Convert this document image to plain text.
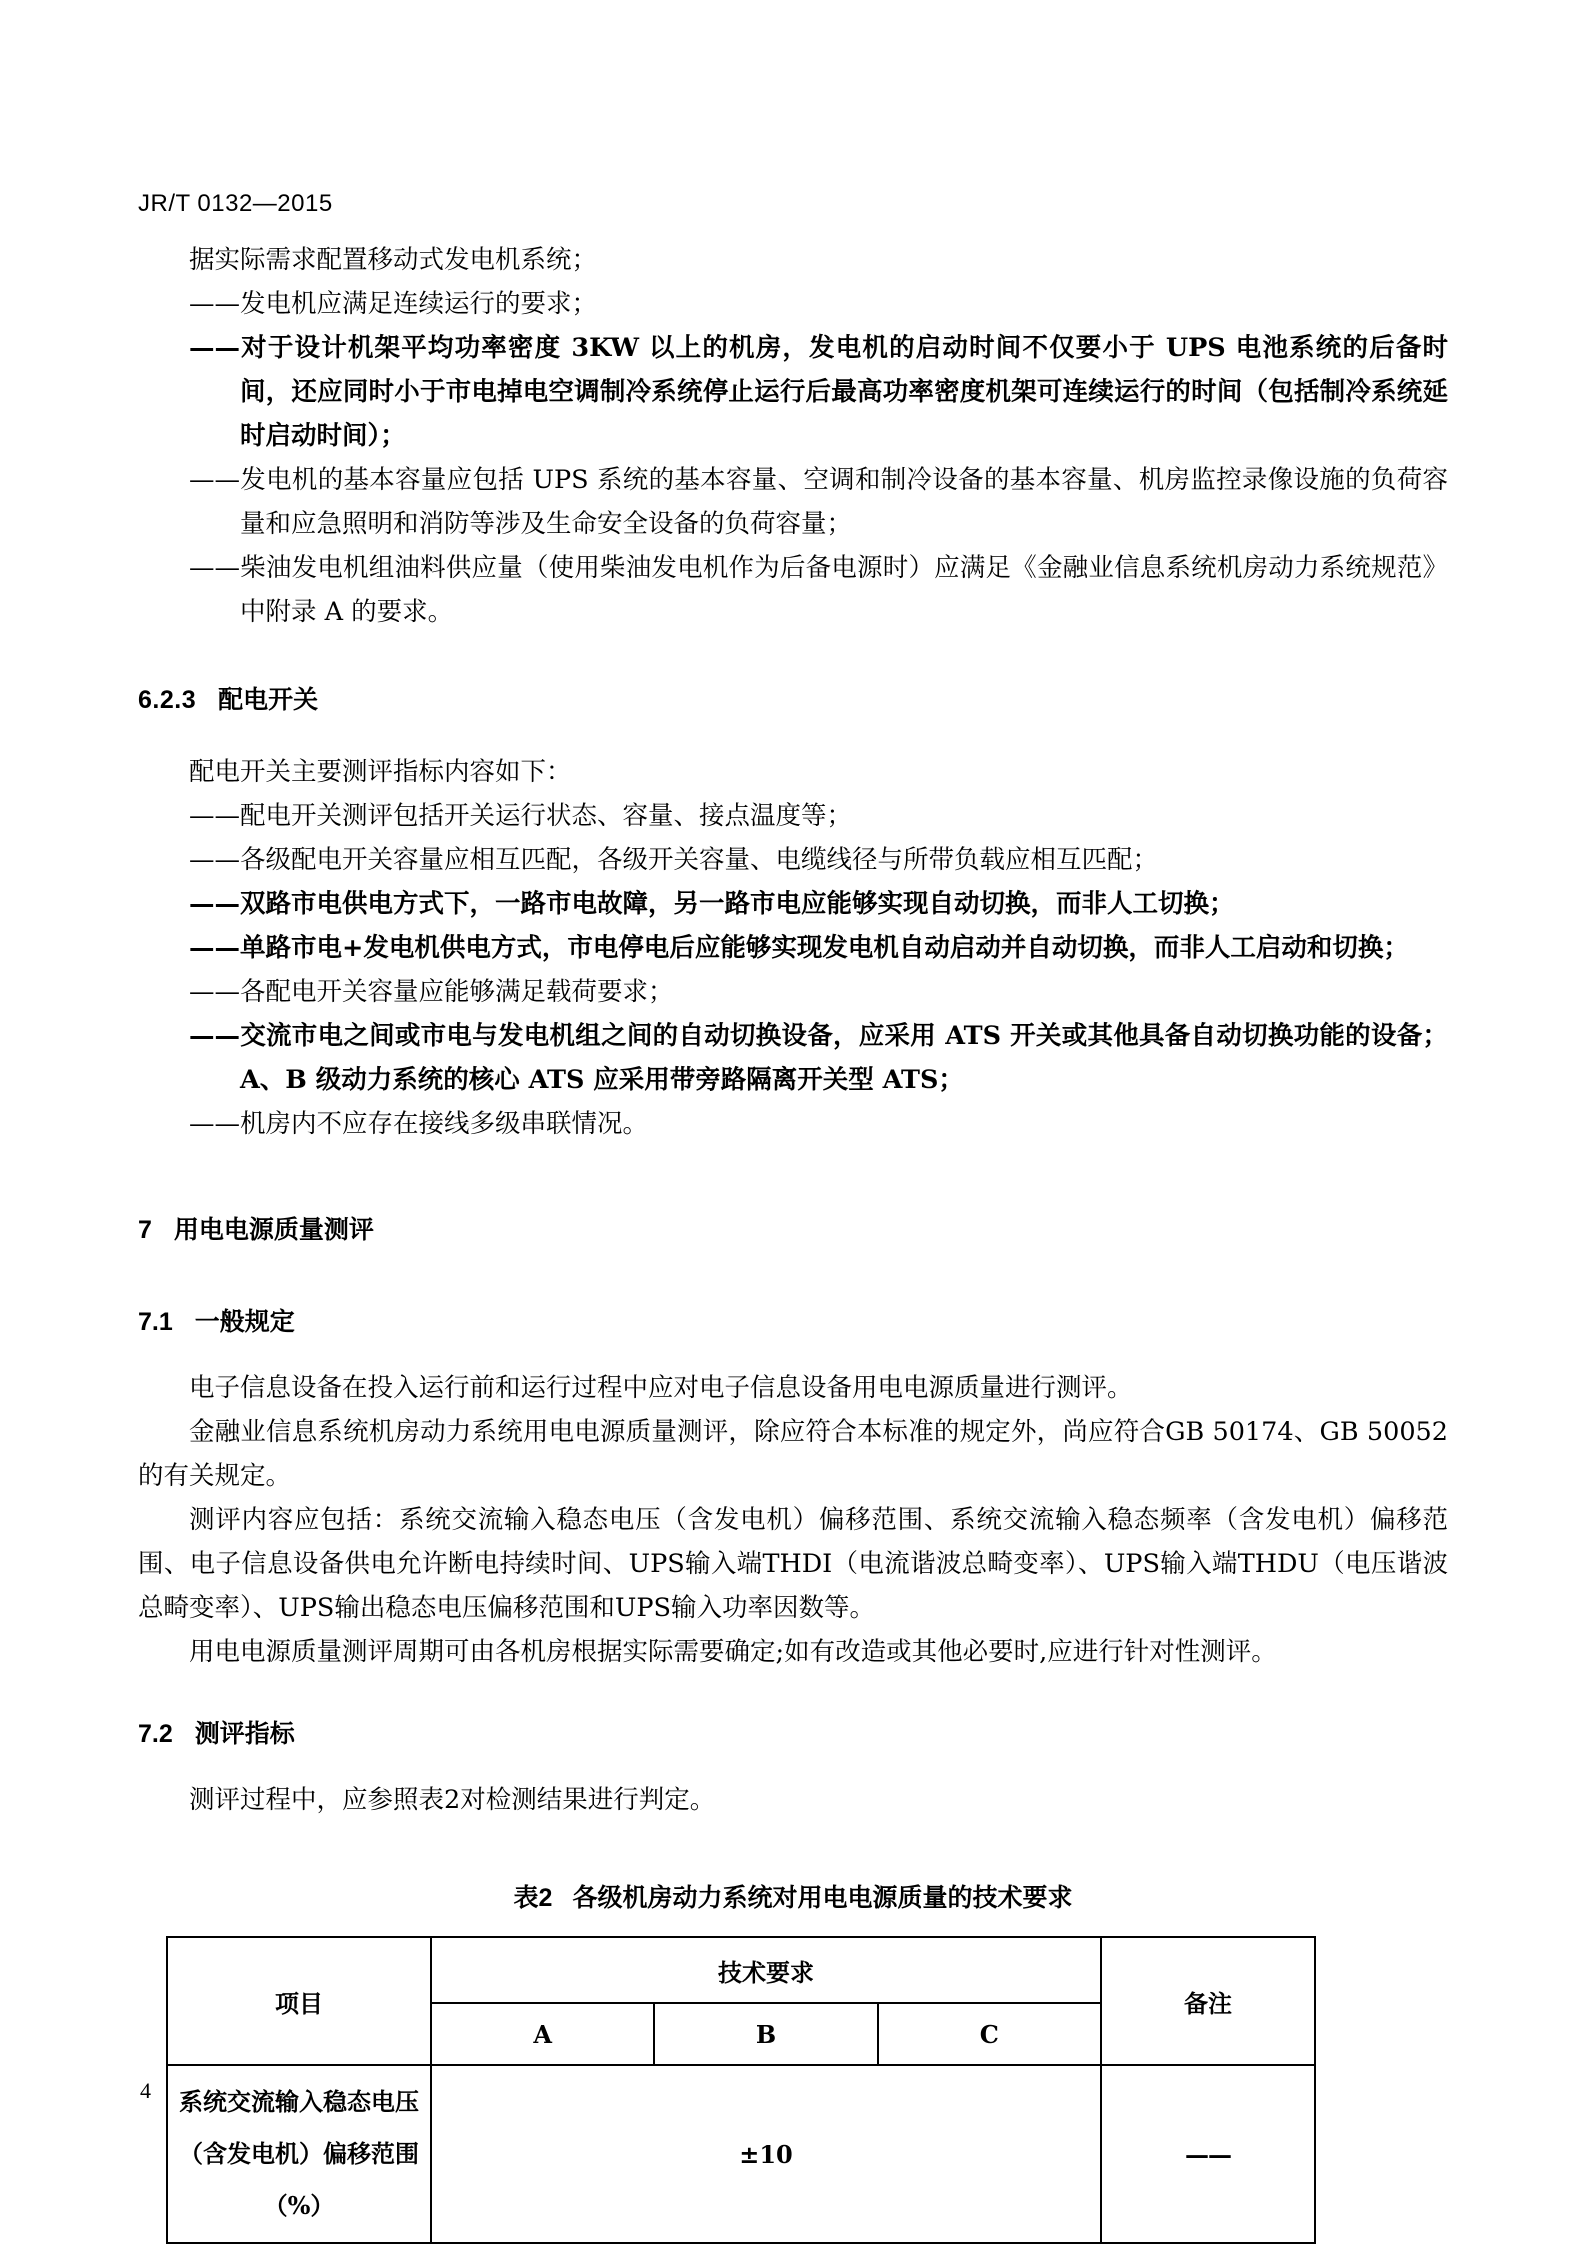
JR/T 0132—2015

据实际需求配置移动式发电机系统；

——发电机应满足连续运行的要求；

——对于设计机架平均功率密度 3KW 以上的机房，发电机的启动时间不仅要小于 UPS 电池系统的后备时间，还应同时小于市电掉电空调制冷系统停止运行后最高功率密度机架可连续运行的时间（包括制冷系统延时启动时间）；

——发电机的基本容量应包括 UPS 系统的基本容量、空调和制冷设备的基本容量、机房监控录像设施的负荷容量和应急照明和消防等涉及生命安全设备的负荷容量；

——柴油发电机组油料供应量（使用柴油发电机作为后备电源时）应满足《金融业信息系统机房动力系统规范》中附录 A 的要求。

6.2.3 配电开关

配电开关主要测评指标内容如下：

——配电开关测评包括开关运行状态、容量、接点温度等；

——各级配电开关容量应相互匹配，各级开关容量、电缆线径与所带负载应相互匹配；

——双路市电供电方式下，一路市电故障，另一路市电应能够实现自动切换，而非人工切换；

——单路市电+发电机供电方式，市电停电后应能够实现发电机自动启动并自动切换，而非人工启动和切换；

——各配电开关容量应能够满足载荷要求；

——交流市电之间或市电与发电机组之间的自动切换设备，应采用 ATS 开关或其他具备自动切换功能的设备；A、B 级动力系统的核心 ATS 应采用带旁路隔离开关型 ATS；

——机房内不应存在接线多级串联情况。

7 用电电源质量测评

7.1 一般规定

电子信息设备在投入运行前和运行过程中应对电子信息设备用电电源质量进行测评。

金融业信息系统机房动力系统用电电源质量测评，除应符合本标准的规定外，尚应符合GB 50174、GB 50052的有关规定。

测评内容应包括：系统交流输入稳态电压（含发电机）偏移范围、系统交流输入稳态频率（含发电机）偏移范围、电子信息设备供电允许断电持续时间、UPS输入端THDI（电流谐波总畸变率）、UPS输入端THDU（电压谐波总畸变率）、UPS输出稳态电压偏移范围和UPS输入功率因数等。

用电电源质量测评周期可由各机房根据实际需要确定;如有改造或其他必要时,应进行针对性测评。

7.2 测评指标

测评过程中，应参照表2对检测结果进行判定。

表2 各级机房动力系统对用电电源质量的技术要求

项目	技术要求			备注
	A	B	C	

系统交流输入稳态电压
（含发电机）偏移范围
（%）	±10			——
4
